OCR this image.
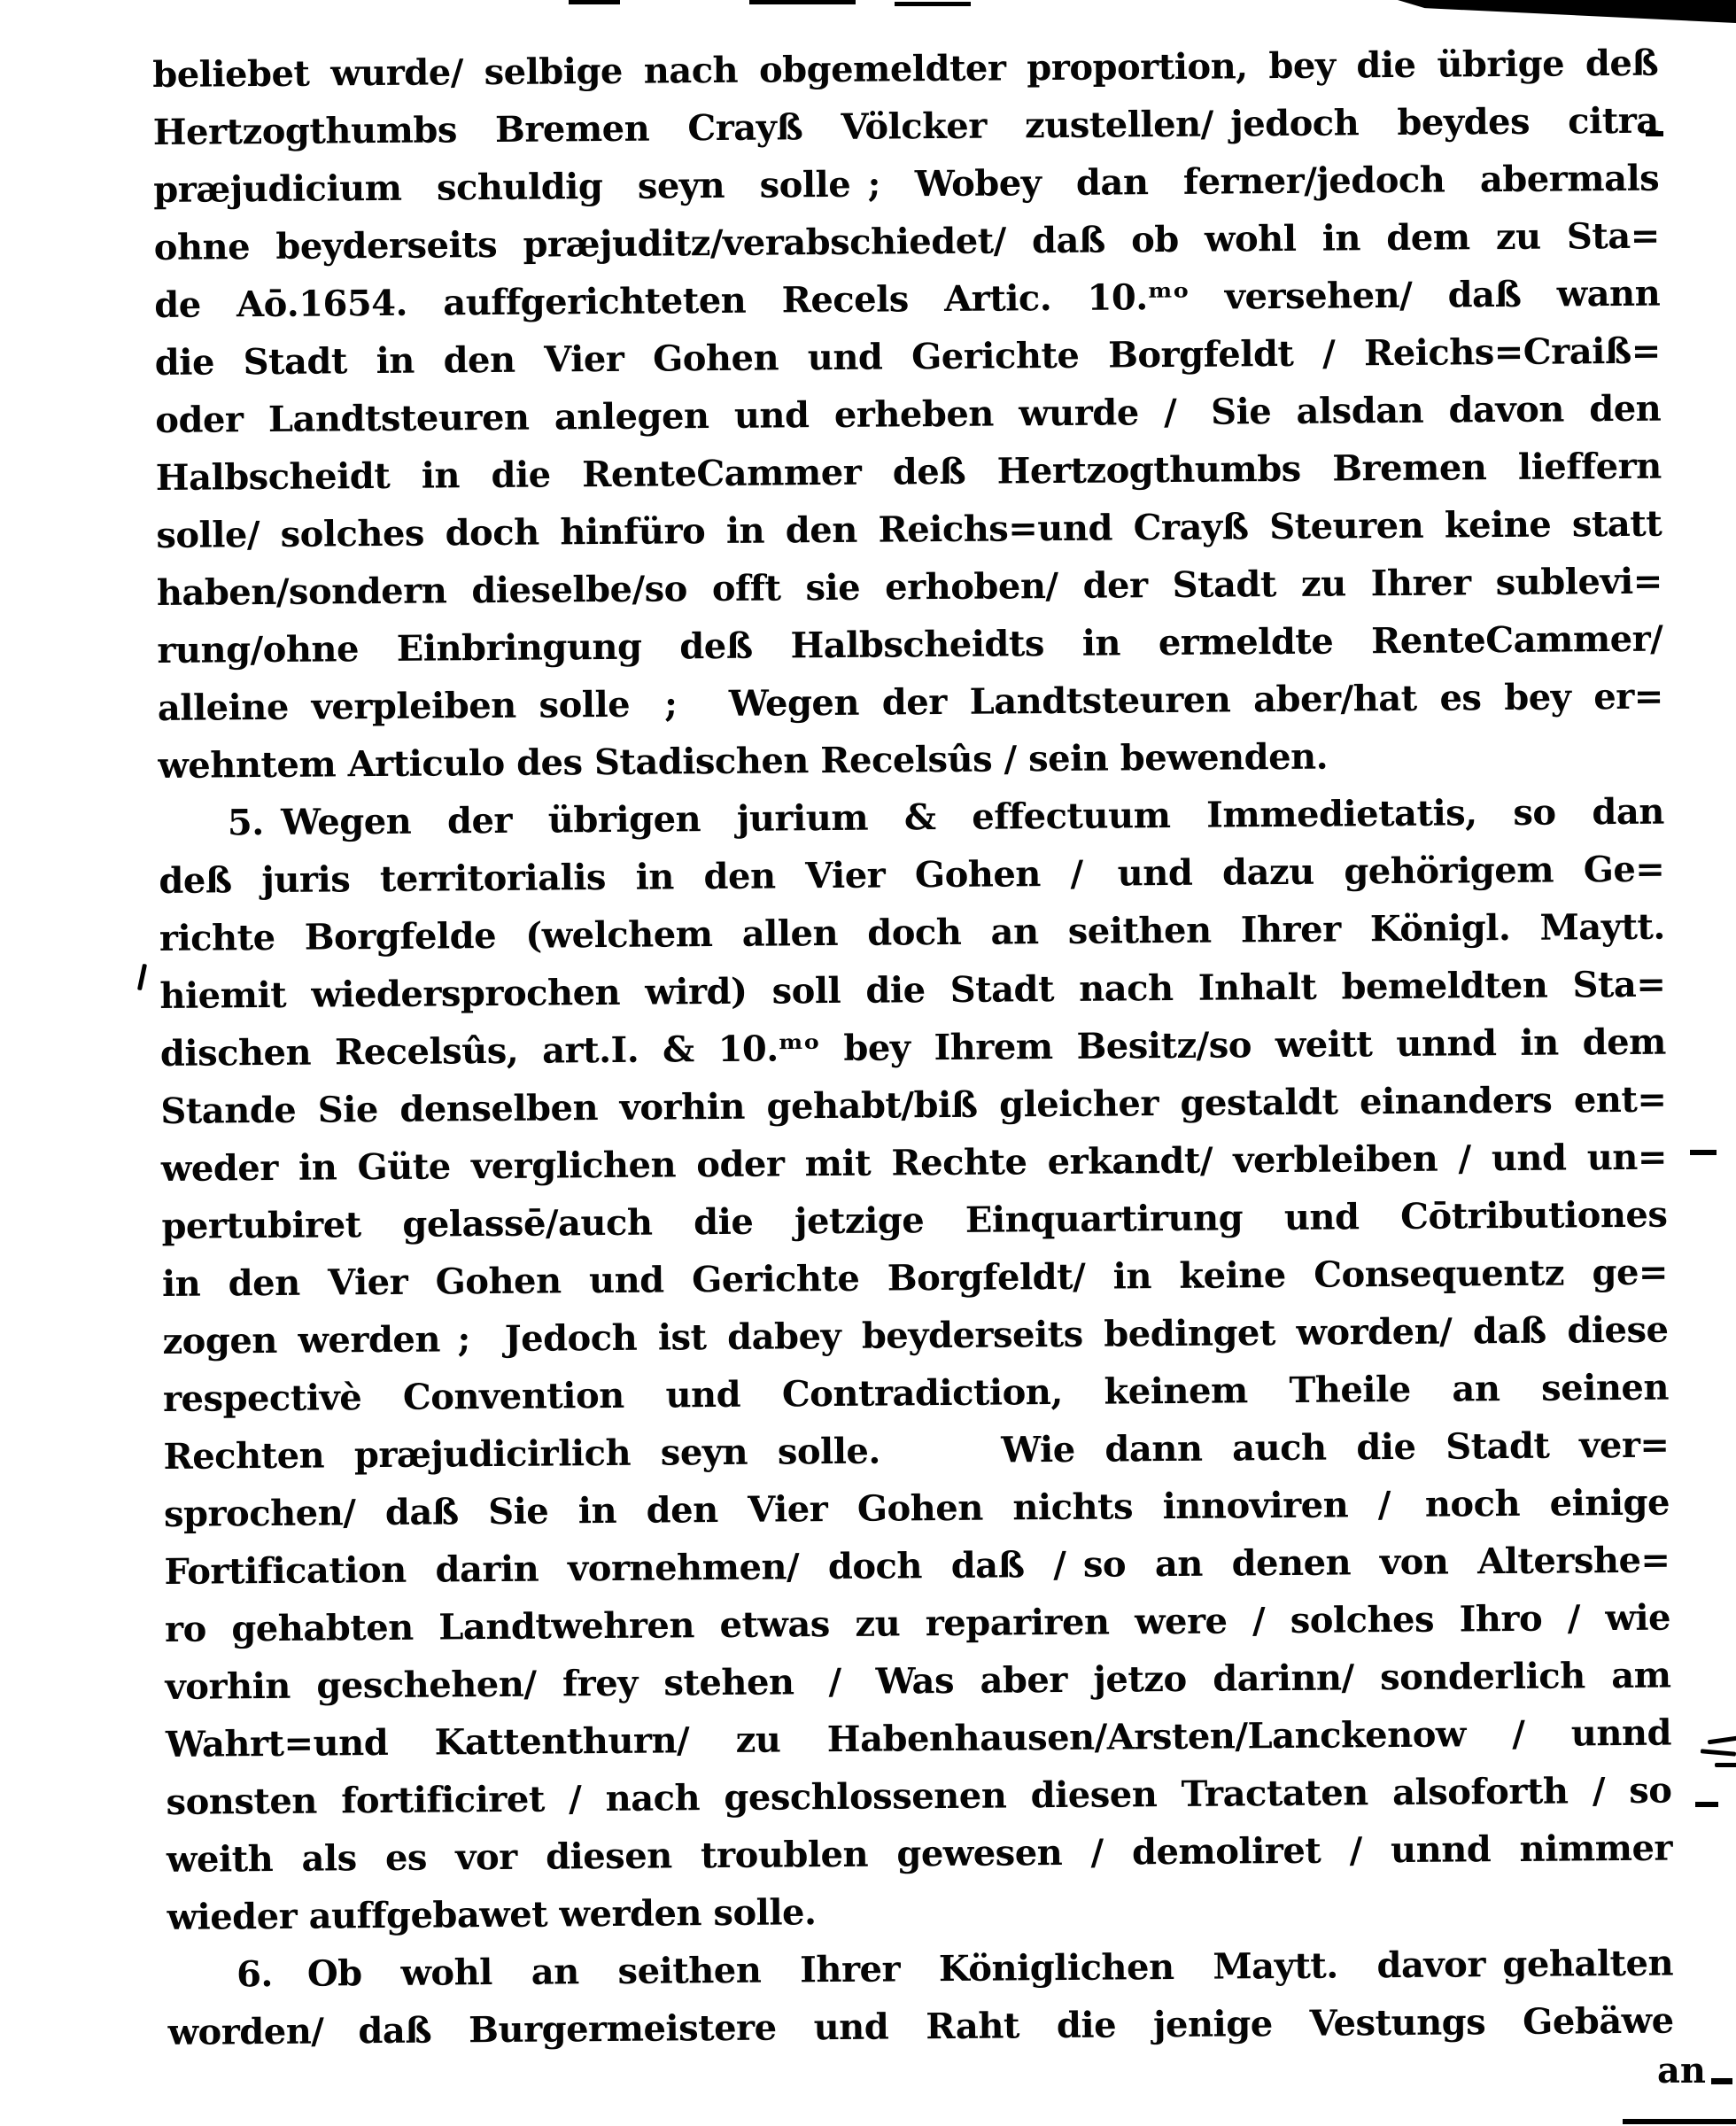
beliebet wurde/ selbige nach obgemeldter proportion, bey die übrige deß
Hertzogthumbs Bremen Crayß Völcker zustellen/ jedoch beydes citra
præjudicium schuldig seyn solle ;  Wobey dan ferner/jedoch abermals
ohne beyderseits præjuditz/verabschiedet/ daß ob wohl in dem zu Sta=
de Aō.1654. auffgerichteten Recels Artic. 10.ᵐᵒ versehen/ daß wann
die Stadt in den Vier Gohen und Gerichte Borgfeldt / Reichs=Craiß=
oder Landtsteuren anlegen und erheben wurde /  Sie alsdan davon den
Halbscheidt in die RenteCammer deß Hertzogthumbs Bremen lieffern
solle/ solches doch hinfüro in den Reichs=und Crayß Steuren keine statt
haben/sondern dieselbe/so offt sie erhoben/ der Stadt zu Ihrer sublevi=
rung/ohne Einbringung deß Halbscheidts in ermeldte RenteCammer/
alleine verpleiben solle  ;   Wegen der Landtsteuren aber/hat es bey er=
wehntem Articulo des Stadischen Recelsûs / sein bewenden.
5. Wegen der übrigen jurium & effectuum Immedietatis, so dan
deß juris territorialis in den Vier Gohen /  und dazu gehörigem Ge=
richte Borgfelde (welchem allen doch an seithen Ihrer Königl. Maytt.
hiemit wiedersprochen wird) soll die Stadt nach Inhalt bemeldten Sta=
dischen Recelsûs, art.I. & 10.ᵐᵒ bey Ihrem Besitz/so weitt unnd in dem
Stande Sie denselben vorhin gehabt/biß gleicher gestaldt einanders ent=
weder in Güte verglichen oder mit Rechte erkandt/ verbleiben / und un=
pertubiret gelassē/auch die jetzige Einquartirung und Cōtributiones
in den Vier Gohen und Gerichte Borgfeldt/ in keine Consequentz ge=
zogen werden ;  Jedoch ist dabey beyderseits bedinget worden/ daß diese
respectivè Convention und Contradiction, keinem Theile an seinen
Rechten præjudicirlich seyn solle.       Wie dann auch die Stadt ver=
sprochen/ daß Sie in den Vier Gohen nichts innoviren /  noch einige
Fortification darin vornehmen/ doch daß / so an denen von Altershe=
ro gehabten Landtwehren etwas zu repariren were / solches Ihro / wie
vorhin geschehen/ frey stehen  /  Was aber jetzo darinn/ sonderlich am
Wahrt=und Kattenthurn/ zu Habenhausen/Arsten/Lanckenow / unnd
sonsten fortificiret / nach geschlossenen diesen Tractaten alsoforth / so
weith als es vor diesen troublen gewesen / demoliret / unnd nimmer
wieder auffgebawet werden solle.
6.  Ob wohl an seithen Ihrer Königlichen Maytt. davor gehalten
worden/  daß Burgermeistere und Raht die jenige Vestungs Gebäwe
an
